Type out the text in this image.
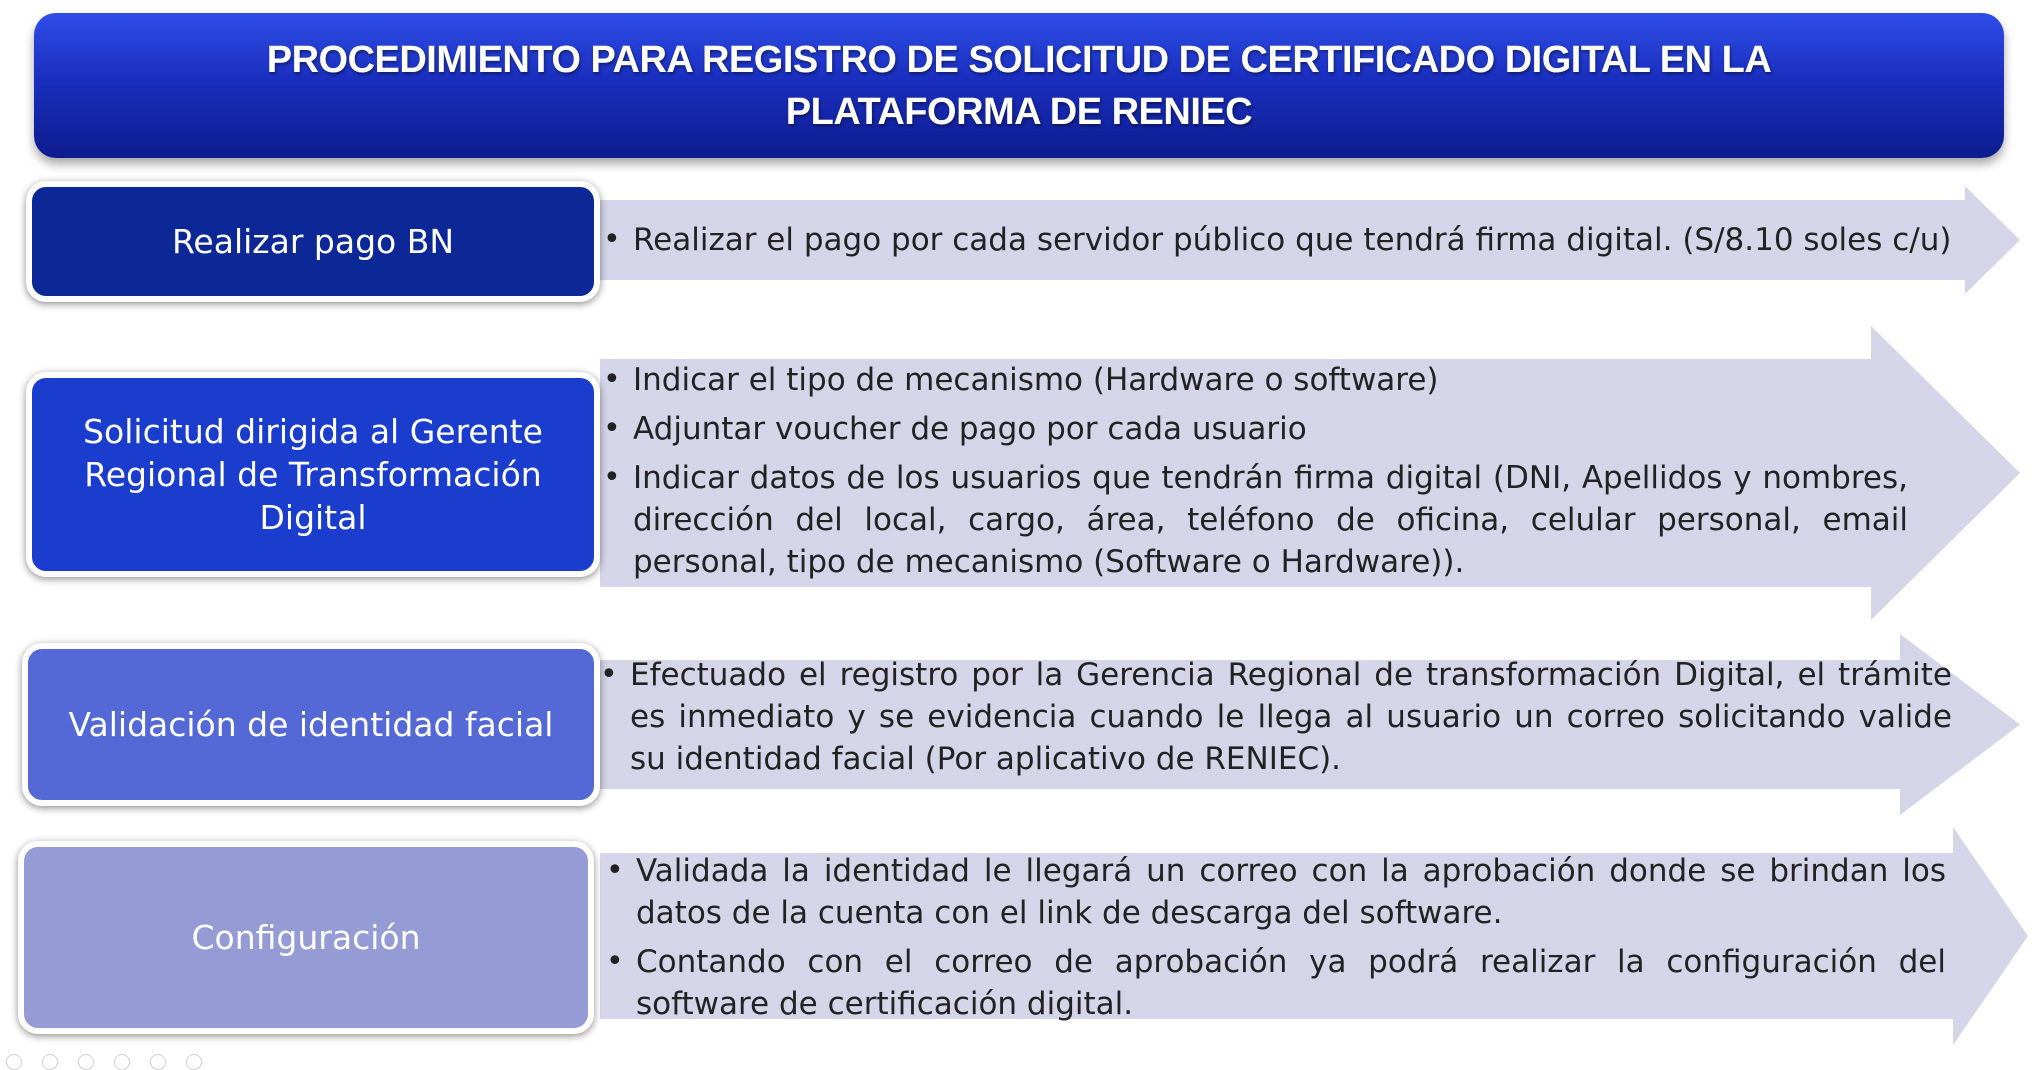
PROCEDIMIENTO PARA REGISTRO DE SOLICITUD DE CERTIFICADO DIGITAL EN LA
PLATAFORMA DE RENIEC
Realizar pago BN	• Realizar el pago por cada servidor público que tendrá firma digital. (S/8.10 soles c/u)
Solicitud dirigida al Gerente Regional de Transformación Digital
• Indicar el tipo de mecanismo (Hardware o software)
• Adjuntar voucher de pago por cada usuario
• Indicar datos de los usuarios que tendrán firma digital (DNI, Apellidos y nombres, dirección del local, cargo, área, teléfono de oficina, celular personal, email personal, tipo de mecanismo (Software o Hardware)).
Validación de identidad facial
• Efectuado el registro por la Gerencia Regional de transformación Digital, el trámite es inmediato y se evidencia cuando le llega al usuario un correo solicitando valide su identidad facial (Por aplicativo de RENIEC).
Configuración
• Validada la identidad le llegará un correo con la aprobación donde se brindan los datos de la cuenta con el link de descarga del software.
• Contando con el correo de aprobación ya podrá realizar la configuración del software de certificación digital.
